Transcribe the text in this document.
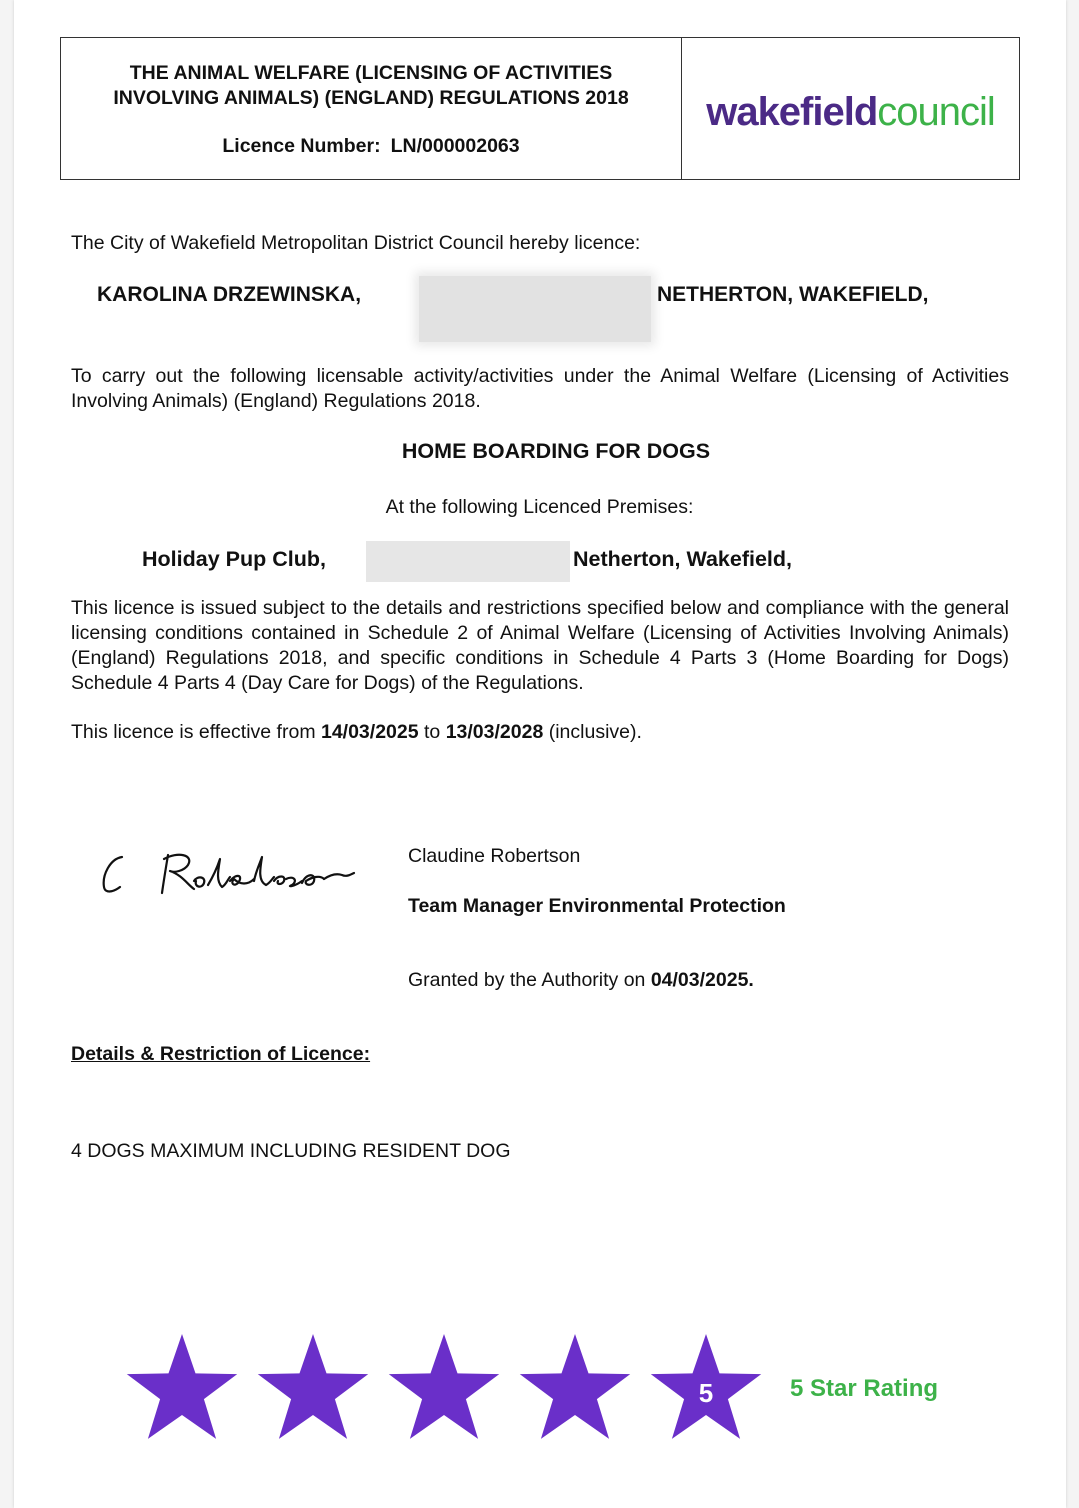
THE ANIMAL WELFARE (LICENSING OF ACTIVITIES
INVOLVING ANIMALS) (ENGLAND) REGULATIONS 2018
Licence Number: LN/000002063
wakefieldcouncil
The City of Wakefield Metropolitan District Council hereby licence:
KAROLINA DRZEWINSKA,	NETHERTON, WAKEFIELD,
To carry out the following licensable activity/activities under the Animal Welfare (Licensing of Activities Involving Animals) (England) Regulations 2018.
HOME BOARDING FOR DOGS
At the following Licenced Premises:
Holiday Pup Club,	Netherton, Wakefield,
This licence is issued subject to the details and restrictions specified below and compliance with the general licensing conditions contained in Schedule 2 of Animal Welfare (Licensing of Activities Involving Animals) (England) Regulations 2018, and specific conditions in Schedule 4 Parts 3 (Home Boarding for Dogs) Schedule 4 Parts 4 (Day Care for Dogs) of the Regulations.
This licence is effective from 14/03/2025 to 13/03/2028 (inclusive).
Claudine Robertson
Team Manager Environmental Protection
Granted by the Authority on 04/03/2025.
Details & Restriction of Licence:
4 DOGS MAXIMUM INCLUDING RESIDENT DOG
5	5 Star Rating
